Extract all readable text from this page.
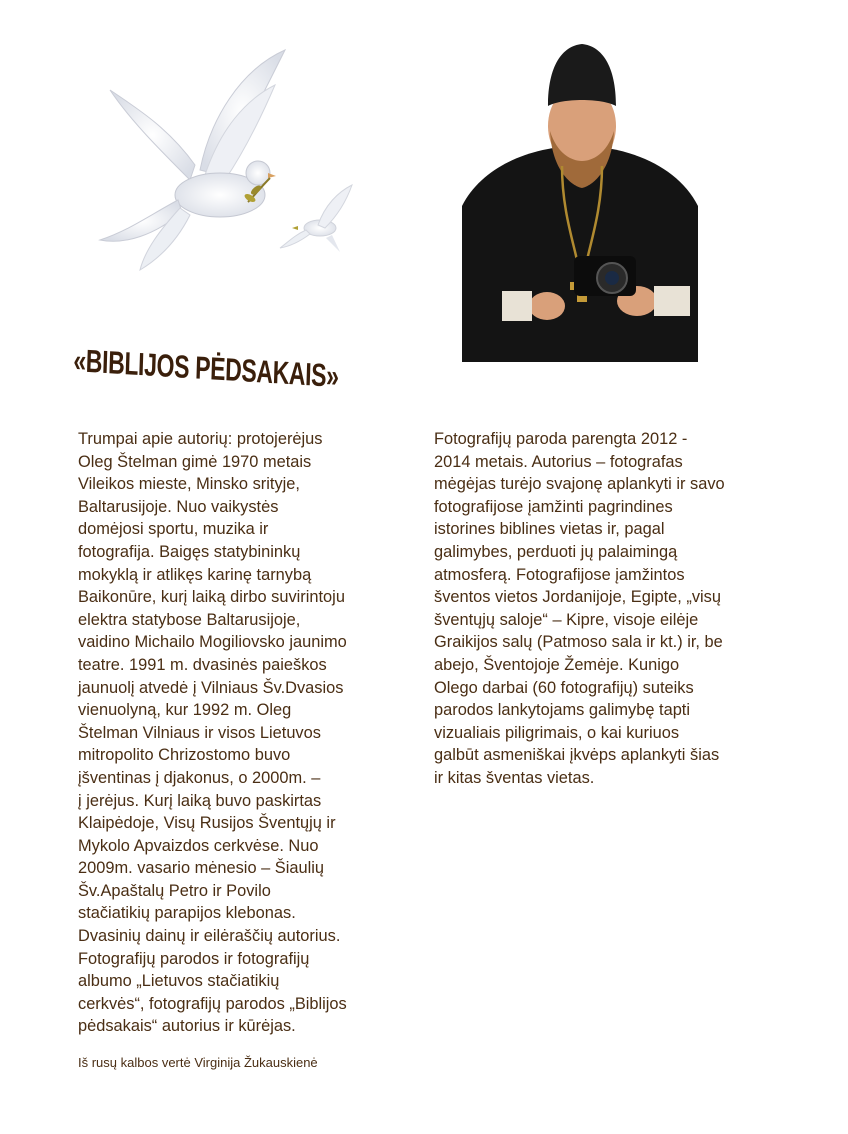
«BIBLIJOS PĖDSAKAIS»
Trumpai apie autorių: protojerėjus
Oleg Štelman gimė 1970 metais
Vileikos mieste, Minsko srityje,
Baltarusijoje. Nuo vaikystės
domėjosi sportu, muzika ir
fotografija. Baigęs statybininkų
mokyklą ir atlikęs karinę tarnybą
Baikonūre, kurį laiką dirbo suvirintoju
elektra statybose Baltarusijoje,
vaidino Michailo Mogiliovsko jaunimo
teatre. 1991 m. dvasinės paieškos
jaunuolį atvedė į Vilniaus Šv.Dvasios
vienuolyną, kur 1992 m. Oleg
Štelman Vilniaus ir visos Lietuvos
mitropolito Chrizostomo buvo
įšventinas į djakonus, o 2000m. –
į jerėjus. Kurį laiką buvo paskirtas
Klaipėdoje, Visų Rusijos Šventųjų ir
Mykolo Apvaizdos cerkvėse. Nuo
2009m. vasario mėnesio – Šiaulių
Šv.Apaštalų Petro ir Povilo
stačiatikių parapijos klebonas.
Dvasinių dainų ir eilėraščių autorius.
Fotografijų parodos ir fotografijų
albumo „Lietuvos stačiatikių
cerkvės“, fotografijų parodos „Biblijos
pėdsakais“ autorius ir kūrėjas.
Fotografijų paroda parengta 2012 -
2014 metais. Autorius – fotografas
mėgėjas turėjo svajonę aplankyti ir savo
fotografijose įamžinti pagrindines
istorines biblines vietas ir, pagal
galimybes, perduoti jų palaimingą
atmosferą. Fotografijose įamžintos
šventos vietos Jordanijoje, Egipte, „visų
šventųjų saloje“ – Kipre, visoje eilėje
Graikijos salų (Patmoso sala ir kt.) ir, be
abejo, Šventojoje Žemėje. Kunigo
Olego darbai (60 fotografijų) suteiks
parodos lankytojams galimybę tapti
vizualiais piligrimais, o kai kuriuos
galbūt asmeniškai įkvėps aplankyti šias
ir kitas šventas vietas.
Iš rusų kalbos vertė Virginija Žukauskienė
